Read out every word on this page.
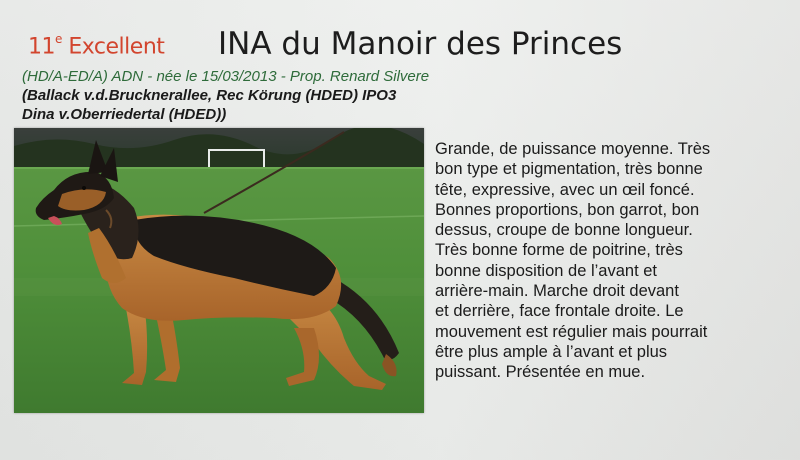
11e Excellent INA du Manoir des Princes
(HD/A-ED/A) ADN - née le 15/03/2013 - Prop. Renard Silvere
(Ballack v.d.Brucknerallee, Rec Körung (HDED) IPO3
Dina v.Oberriedertal (HDED))
Grande, de puissance moyenne. Très
bon type et pigmentation, très bonne
tête, expressive, avec un œil foncé.
Bonnes proportions, bon garrot, bon
dessus, croupe de bonne longueur.
Très bonne forme de poitrine, très
bonne disposition de l’avant et
arrière-main. Marche droit devant
et derrière, face frontale droite. Le
mouvement est régulier mais pourrait
être plus ample à l’avant et plus
puissant. Présentée en mue.
